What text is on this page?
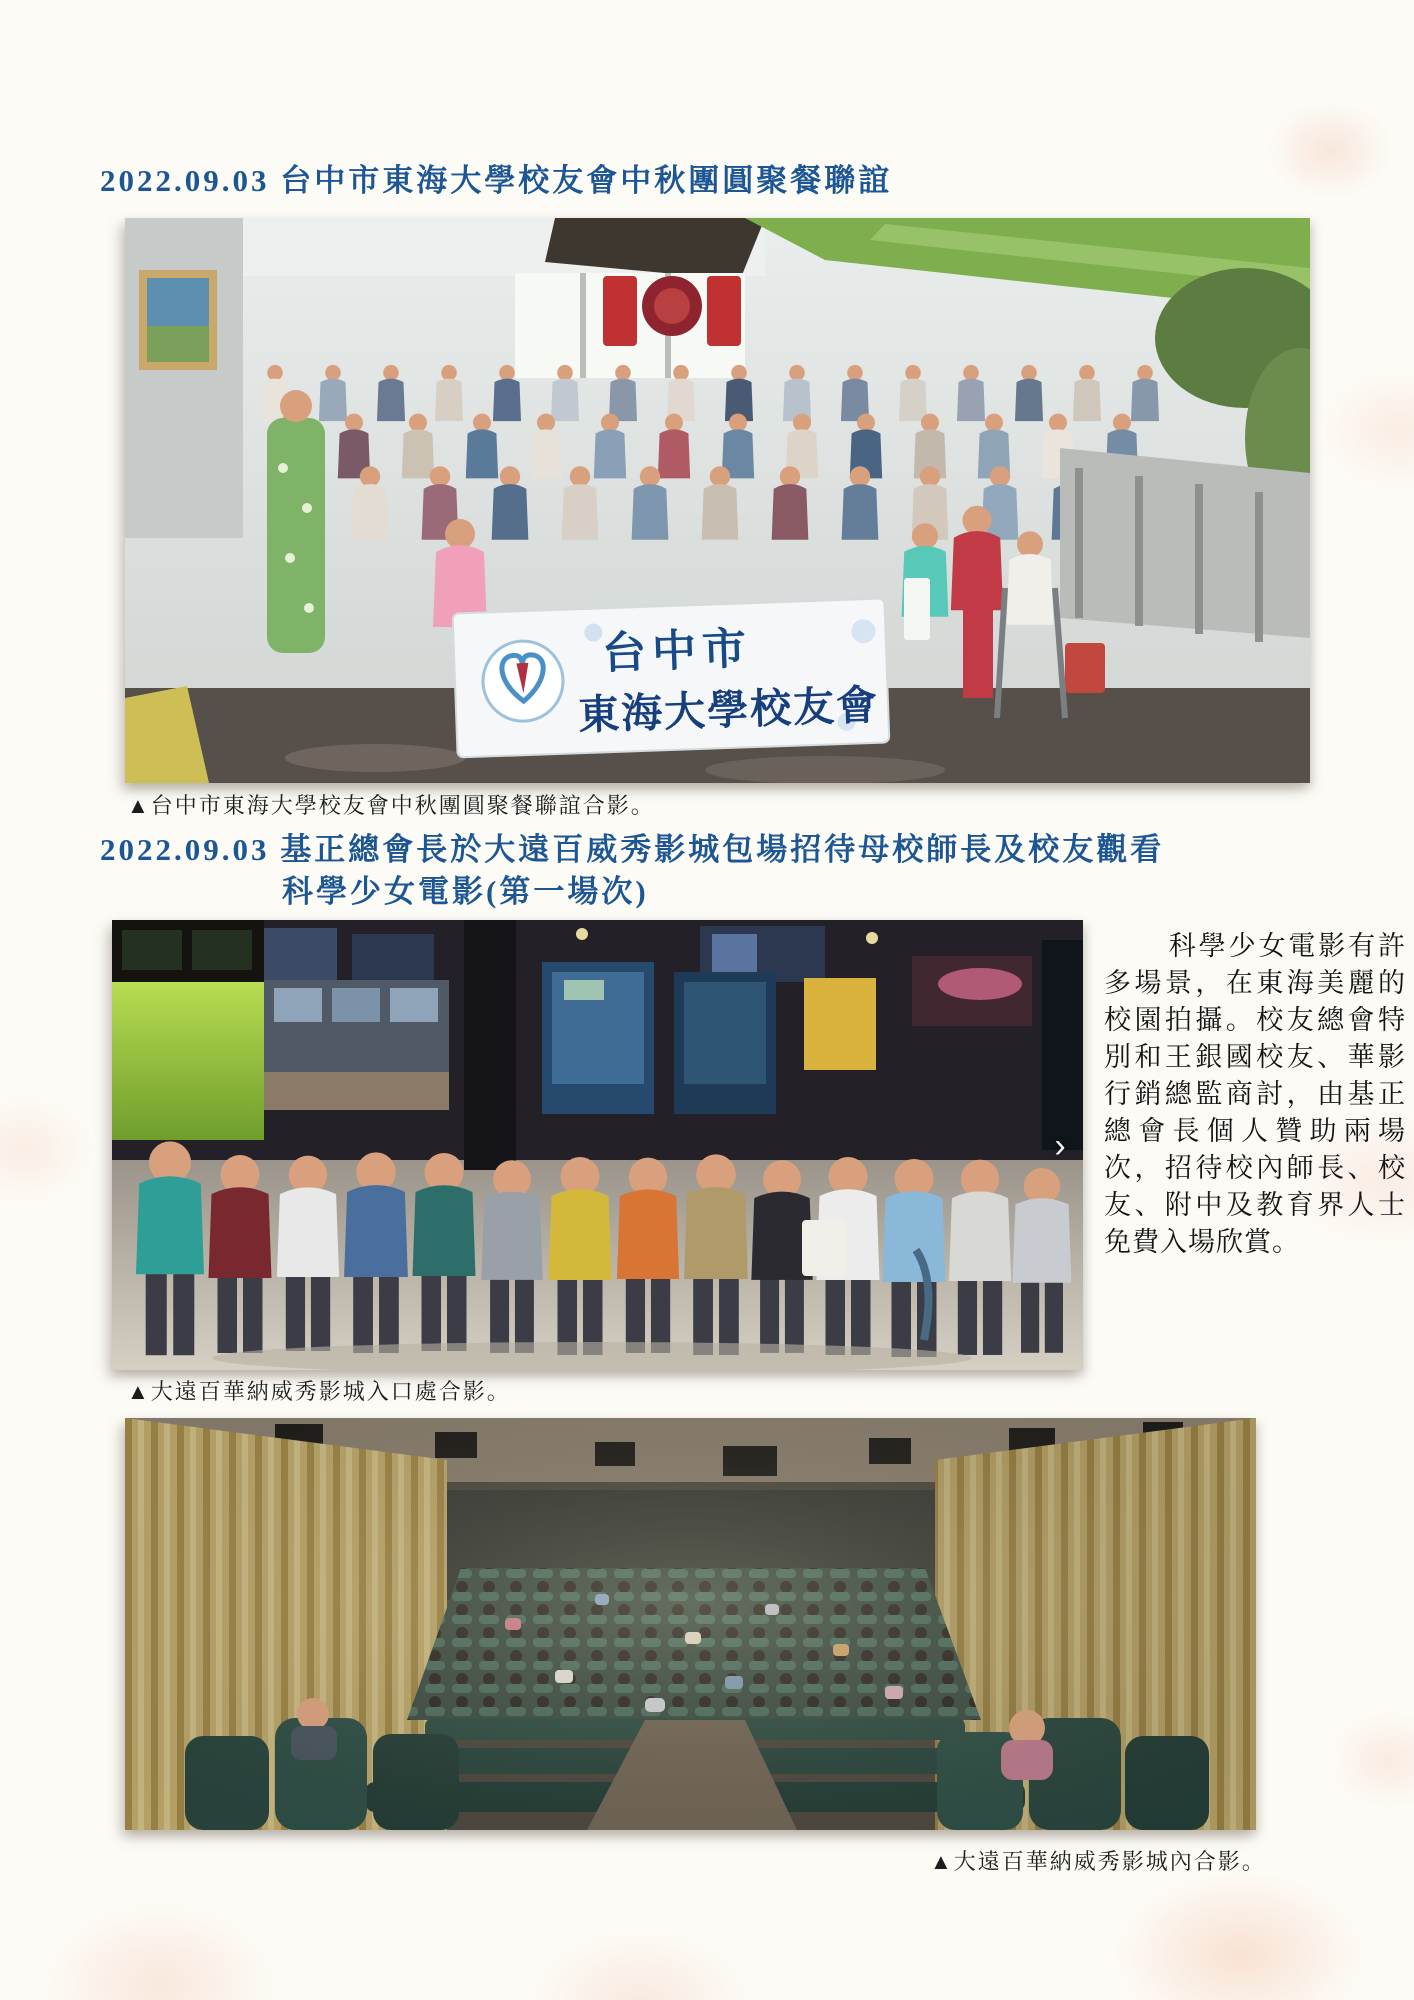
2022.09.03 台中市東海大學校友會中秋團圓聚餐聯誼
台中市
東海大學校友會
▲台中市東海大學校友會中秋團圓聚餐聯誼合影。
2022.09.03 基正總會長於大遠百威秀影城包場招待母校師長及校友觀看
科學少女電影(第一場次)
›
科學少女電影有許多場景，在東海美麗的校園拍攝。校友總會特別和王銀國校友、華影行銷總監商討，由基正總會長個人贊助兩場次，招待校內師長、校友、附中及教育界人士免費入場欣賞。
▲大遠百華納威秀影城入口處合影。
▲大遠百華納威秀影城內合影。
